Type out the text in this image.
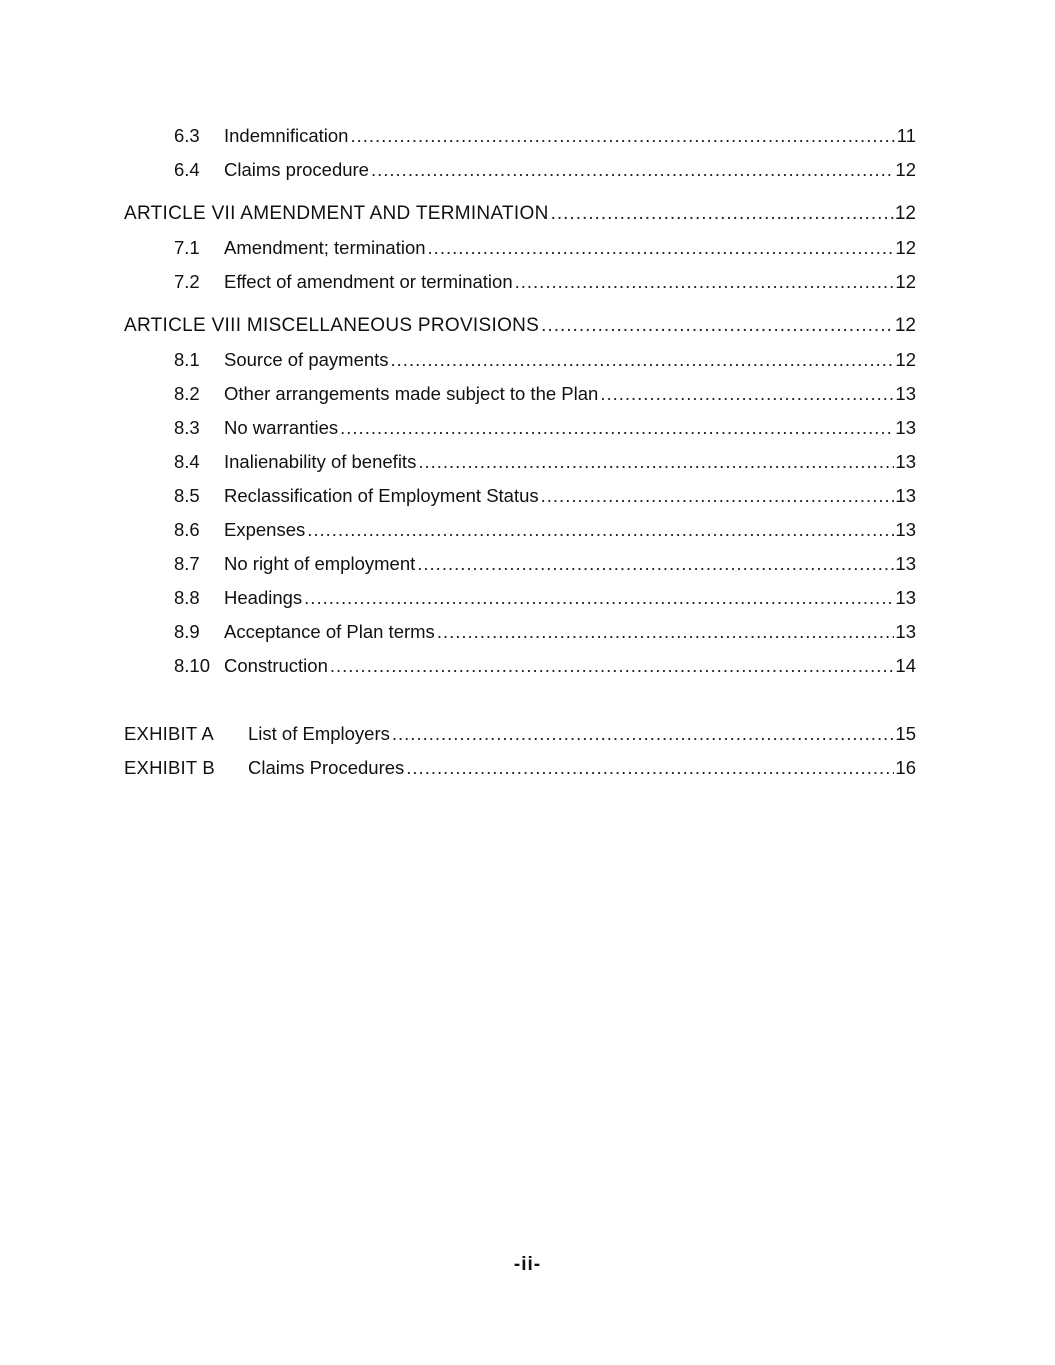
6.3	Indemnification .....	11
6.4	Claims procedure .....	12
ARTICLE VII AMENDMENT AND TERMINATION .....	12
7.1	Amendment; termination .....	12
7.2	Effect of amendment or termination .....	12
ARTICLE VIII MISCELLANEOUS PROVISIONS .....	12
8.1	Source of payments .....	12
8.2	Other arrangements made subject to the Plan .....	13
8.3	No warranties .....	13
8.4	Inalienability of benefits .....	13
8.5	Reclassification of Employment Status .....	13
8.6	Expenses .....	13
8.7	No right of employment .....	13
8.8	Headings .....	13
8.9	Acceptance of Plan terms .....	13
8.10 Construction .....	14
EXHIBIT A	List of Employers .....	15
EXHIBIT B	Claims Procedures .....	16
-ii-
